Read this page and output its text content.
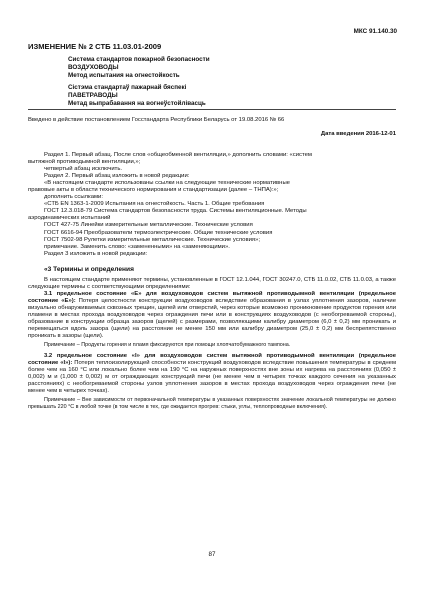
МКС 91.140.30
ИЗМЕНЕНИЕ № 2 СТБ 11.03.01-2009
Система стандартов пожарной безопасности
ВОЗДУХОВОДЫ
Метод испытания на огнестойкость
Сістэма стандартаў пажарнай бяспекі
ПАВЕТРАВОДЫ
Метад выпрабавання на вогнеўстойлівасць
Введено в действие постановлением Госстандарта Республики Беларусь от 19.08.2016 № 66
Дата введения 2016-12-01

Раздел 1. Первый абзац. После слов «общеобменной вентиляции,» дополнить словами: «систем

вытяжной противодымной вентиляции,»;

четвертый абзац исключить.

Раздел 2. Первый абзац изложить в новой редакции:

«В настоящем стандарте использованы ссылки на следующие технические нормативные

правовые акты в области технического нормирования и стандартизации (далее – ТНПА):»;

дополнить ссылками:

«СТБ EN 1363-1-2009 Испытания на огнестойкость. Часть 1. Общие требования

ГОСТ 12.3.018-79 Система стандартов безопасности труда. Системы вентиляционные. Методы

аэродинамических испытаний

ГОСТ 427-75 Линейки измерительные металлические. Технические условия

ГОСТ 6616-94 Преобразователи термоэлектрические. Общие технические условия

ГОСТ 7502-98 Рулетки измерительные металлические. Технические условия»;

примечание. Заменить слово: «замененными» на «заменяющими».

Раздел 3 изложить в новой редакции:

«3 Термины и определения

В настоящем стандарте применяют термины, установленные в ГОСТ 12.1.044, ГОСТ 30247.0, СТБ 11.0.02, СТБ 11.0.03, а также следующие термины с соответствующими определениями:

3.1 предельное состояние «Е» для воздуховодов систем вытяжной противодымной вентиляции (предельное состояние «Е»): Потеря целостности конструкции воздуховодов вследствие образования в узлах уплотнения зазоров, наличие визуально обнаруживаемых сквозных трещин, щелей или отверстий, через которые возможно проникновение продуктов горения или пламени в местах прохода воздуховодов через ограждения печи или в конструкциях воздуховодов (с необогреваемой стороны), образование в конструкции образца зазоров (щелей) с размерами, позволяющими калибру диаметром (6,0 ± 0,2) мм проникать и перемещаться вдоль зазора (щели) на расстояние не менее 150 мм или калибру диаметром (25,0 ± 0,2) мм беспрепятственно проникать в зазоры (щели).

Примечание – Продукты горения и пламя фиксируются при помощи хлопчатобумажного тампона.

3.2 предельное состояние «I» для воздуховодов систем вытяжной противодымной вентиляции (предельное состояние «I»): Потеря теплоизолирующей способности конструкций воздуховодов вследствие повышения температуры в среднем более чем на 160 °С или локально более чем на 190 °С на наружных поверхностях вне зоны их нагрева на расстояниях (0,050 ± 0,002) м и (1,000 ± 0,002) м от ограждающих конструкций печи (не менее чем в четырех точках каждого сечения на указанных расстояниях) с необогреваемой стороны узлов уплотнения зазоров в местах прохода воздуховодов через ограждения печи (не менее чем в четырех точках).

Примечание – Вне зависимости от первоначальной температуры в указанных поверхностях значение локальной температуры не должно превышать 220 °С в любой точке (в том числе в тех, где ожидается прогрев: стыки, углы, теплопроводные включения).

87
